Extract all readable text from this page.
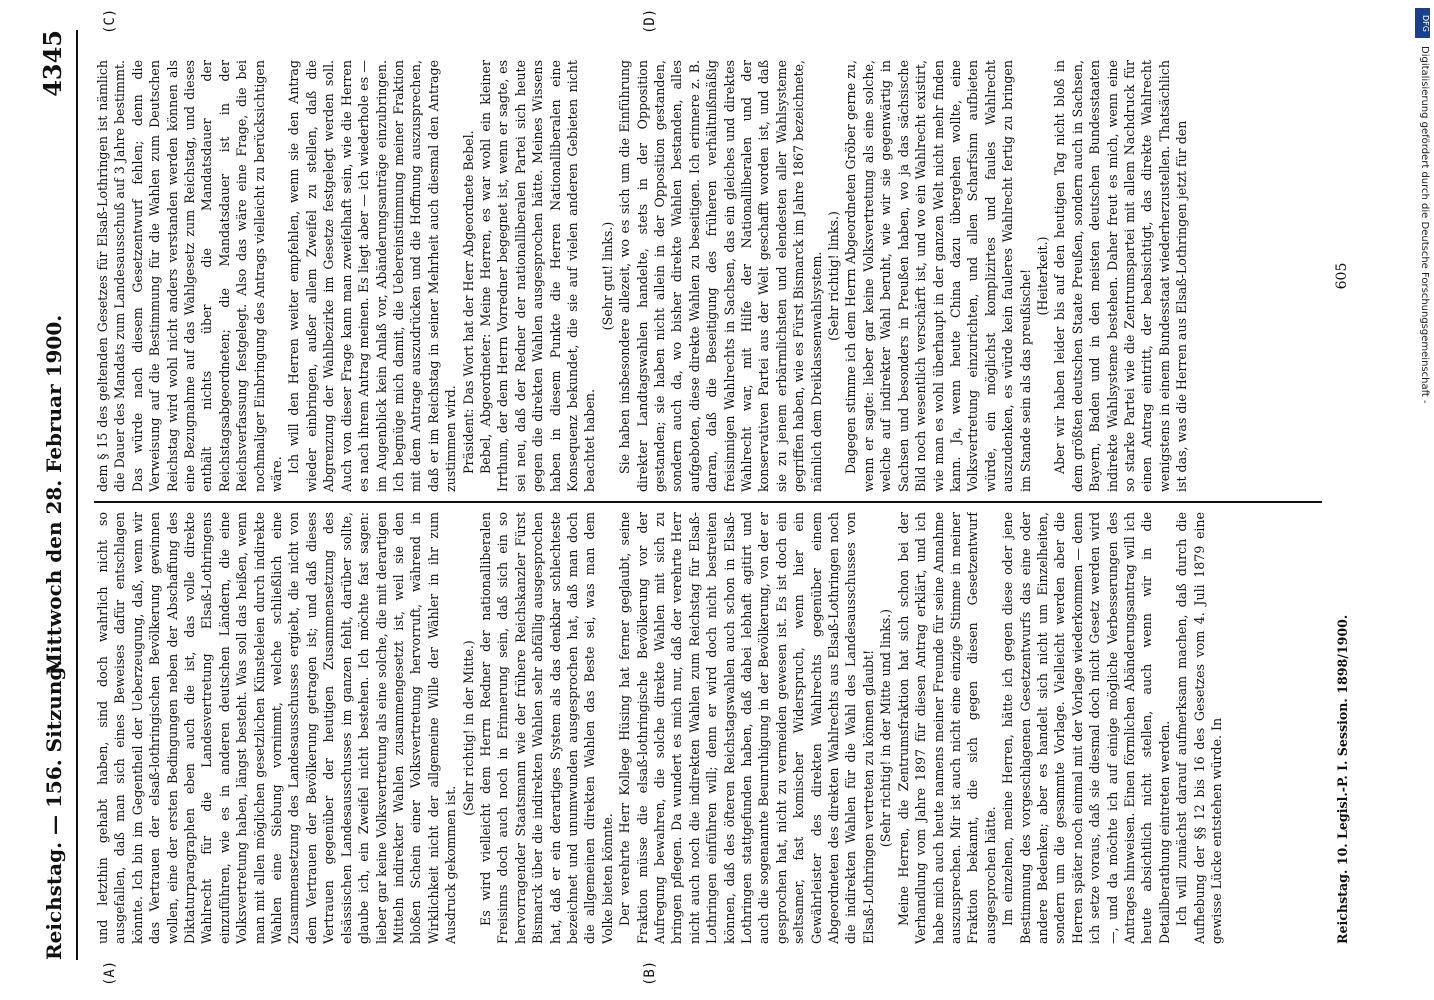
Reichstag. — 156. Sitzung.
Mittwoch den 28. Februar 1900.
4345
(A)	(B)
(C)	(D)

und letzthin gehabt haben, sind doch wahrlich nicht so ausgefallen, daß man sich eines Beweises dafür entschlagen könnte. Ich bin im Gegentheil der Ueberzeugung, daß, wenn wir das Vertrauen der elsaß-lothringischen Bevölkerung gewinnen wollen, eine der ersten Bedingungen neben der Abschaffung des Diktaturparagraphen eben auch die ist, das volle direkte Wahlrecht für die Landesvertretung Elsaß-Lothringens einzuführen, wie es in anderen deutschen Ländern, die eine Volksvertretung haben, längst besteht. Was soll das heißen, wenn man mit allen möglichen gesetzlichen Künsteleien durch indirekte Wahlen eine Siebung vornimmt, welche schließlich eine Zusammensetzung des Landesausschusses ergiebt, die nicht von dem Vertrauen der Bevölkerung getragen ist; und daß dieses Vertrauen gegenüber der heutigen Zusammensetzung des elsässischen Landesausschusses im ganzen fehlt, darüber sollte, glaube ich, ein Zweifel nicht bestehen. Ich möchte fast sagen: lieber gar keine Volksvertretung als eine solche, die mit derartigen Mitteln indirekter Wahlen zusammengesetzt ist, weil sie den bloßen Schein einer Volksvertretung hervorruft, während in Wirklichkeit nicht der allgemeine Wille der Wähler in ihr zum Ausdruck gekommen ist.

(Sehr richtig! in der Mitte.) Es wird vielleicht dem Herrn Redner der nationalliberalen Freisinns doch auch noch in Erinnerung sein, daß sich ein so hervorragender Staatsmann wie der frühere Reichskanzler Fürst Bismarck über die indirekten Wahlen sehr abfällig ausgesprochen hat, daß er ein derartiges System als das denkbar schlechteste bezeichnet und unumwunden ausgesprochen hat, daß man doch die allgemeinen direkten Wahlen das Beste sei, was man dem Volke bieten könnte. Der verehrte Herr Kollege Hüsing hat ferner geglaubt, seine Fraktion müsse die elsaß-lothringische Bevölkerung vor der Aufregung bewahren, die solche direkte Wahlen mit sich zu bringen pflegen. Da wundert es mich nur, daß der verehrte Herr nicht auch noch die indirekten Wahlen zum Reichstag für Elsaß-Lothringen einführen will; denn er wird doch nicht bestreiten können, daß des öfteren Reichstagswahlen auch schon in Elsaß-Lothringen stattgefunden haben, daß dabei lebhaft agitirt und auch die sogenannte Beunruhigung in der Bevölkerung, von der er gesprochen hat, nicht zu vermeiden gewesen ist. Es ist doch ein seltsamer, fast komischer Widerspruch, wenn hier ein Gewährleister des direkten Wahlrechts gegenüber einem Abgeordneten des direkten Wahlrechts aus Elsaß-Lothringen noch die indirekten Wahlen für die Wahl des Landesausschusses von Elsaß-Lothringen vertreten zu können glaubt! (Sehr richtig! in der Mitte und links.) Meine Herren, die Zentrumsfraktion hat sich schon bei der Verhandlung vom Jahre 1897 für diesen Antrag erklärt, und ich habe mich auch heute namens meiner Freunde für seine Annahme auszusprechen. Mir ist auch nicht eine einzige Stimme in meiner Fraktion bekannt, die sich gegen diesen Gesetzentwurf ausgesprochen hätte. Im einzelnen, meine Herren, hätte ich gegen diese oder jene Bestimmung des vorgeschlagenen Gesetzentwurfs das eine oder andere Bedenken; aber es handelt sich nicht um Einzelheiten, sondern um die gesammte Vorlage. Vielleicht werden aber die Herren später noch einmal mit der Vorlage wiederkommen — denn ich setze voraus, daß sie diesmal doch nicht Gesetz werden wird —, und da möchte ich auf einige mögliche Verbesserungen des Antrages hinweisen. Einen förmlichen Abänderungsantrag will ich heute absichtlich nicht stellen, auch wenn wir in die Detailberathung eintreten werden. Ich will zunächst darauf aufmerksam machen, daß durch die Aufhebung der §§ 12 bis 16 des Gesetzes vom 4. Juli 1879 eine gewisse Lücke entstehen würde. In

dem § 15 des geltenden Gesetzes für Elsaß-Lothringen ist nämlich die Dauer des Mandats zum Landesausschuß auf 3 Jahre bestimmt. Das würde nach diesem Gesetzentwurf fehlen; denn die Verweisung auf die Bestimmung für die Wahlen zum Deutschen Reichstag wird wohl nicht anders verstanden werden können als eine Bezugnahme auf das Wahlgesetz zum Reichstag, und dieses enthält nichts über die Mandatsdauer der Reichstagsabgeordneten; die Mandatsdauer ist in der Reichsverfassung festgelegt. Also das wäre eine Frage, die bei nochmaliger Einbringung des Antrags vielleicht zu berücksichtigen wäre.

Ich will den Herren weiter empfehlen, wenn sie den Antrag wieder einbringen, außer allem Zweifel zu stellen, daß die Abgrenzung der Wahlbezirke im Gesetze festgelegt werden soll. Auch von dieser Frage kann man zweifelhaft sein, wie die Herren es nach ihrem Antrag meinen. Es liegt aber — ich wiederhole es — im Augenblick kein Anlaß vor, Abänderungsanträge einzubringen. Ich begnüge mich damit, die Uebereinstimmung meiner Fraktion mit dem Antrage auszudrücken und die Hoffnung auszusprechen, daß er im Reichstag in seiner Mehrheit auch diesmal den Antrage zustimmen wird. Präsident: Das Wort hat der Herr Abgeordnete Bebel. Bebel, Abgeordneter: Meine Herren, es war wohl ein kleiner Irrthum, der dem Herrn Vorredner begegnet ist, wenn er sagte, es sei neu, daß der Redner der nationalliberalen Partei sich heute gegen die direkten Wahlen ausgesprochen hätte. Meines Wissens haben in diesem Punkte die Herren Nationalliberalen eine Konsequenz bekundet, die sie auf vielen anderen Gebieten nicht beachtet haben.

(Sehr gut! links.) Sie haben insbesondere allezeit, wo es sich um die Einführung direkter Landtagswahlen handelte, stets in der Opposition gestanden; sie haben nicht allein in der Opposition gestanden, sondern auch da, wo bisher direkte Wahlen bestanden, alles aufgeboten, diese direkte Wahlen zu beseitigen. Ich erinnere z. B. daran, daß die Beseitigung des früheren verhältnißmäßig freisinnigen Wahlrechts in Sachsen, das ein gleiches und direktes Wahlrecht war, mit Hilfe der Nationalliberalen und der konservativen Partei aus der Welt geschafft worden ist, und daß sie zu jenem erbärmlichsten und elendesten aller Wahlsysteme gegriffen haben, wie es Fürst Bismarck im Jahre 1867 bezeichnete, nämlich dem Dreiklassenwahlsystem. (Sehr richtig! links.) Dagegen stimme ich dem Herrn Abgeordneten Gröber gerne zu, wenn er sagte: lieber gar keine Volksvertretung als eine solche, welche auf indirekter Wahl beruht, wie wir sie gegenwärtig in Sachsen und besonders in Preußen haben, wo ja das sächsische Bild noch wesentlich verschärft ist, und wo ein Wahlrecht existirt, wie man es wohl überhaupt in der ganzen Welt nicht mehr finden kann. Ja, wenn heute China dazu übergehen wollte, eine Volksvertretung einzurichten, und allen Scharfsinn aufbieten würde, ein möglichst komplizirtes und faules Wahlrecht auszudenken, es würde kein fauleres Wahlrecht fertig zu bringen im Stande sein als das preußische! (Heiterkeit.) Aber wir haben leider bis auf den heutigen Tag nicht bloß in dem größten deutschen Staate Preußen, sondern auch in Sachsen, Bayern, Baden und in den meisten deutschen Bundesstaaten indirekte Wahlsysteme bestehen. Daher freut es mich, wenn eine so starke Partei wie die Zentrumspartei mit allem Nachdruck für einen Antrag eintritt, der beabsichtigt, das direkte Wahlrecht wenigstens in einem Bundesstaat wiederherzustellen. Thatsächlich ist das, was die Herren aus Elsaß-Lothringen jetzt für den

Reichstag. 10. Legisl.-P. I. Session. 1898/1900.
605
DFG
Digitalisierung gefördert durch die Deutsche Forschungsgemeinschaft -
